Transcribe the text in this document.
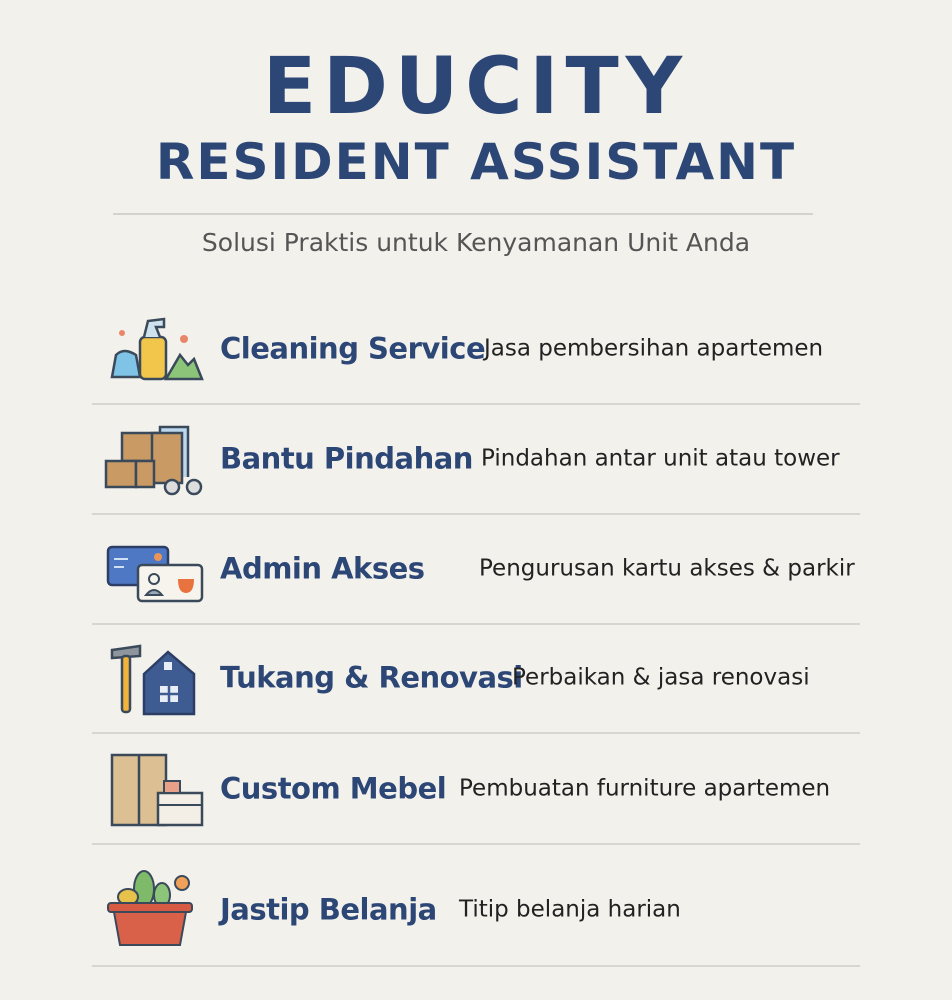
EDUCITY
RESIDENT ASSISTANT
Solusi Praktis untuk Kenyamanan Unit Anda
Cleaning Service
Jasa pembersihan apartemen
Bantu Pindahan Pindahan antar unit atau tower
Admin Akses Pengurusan kartu akses & parkir
Tukang & Renovasi
Perbaikan & jasa renovasi
Custom Mebel Pembuatan furniture apartemen
Jastip Belanja Titip belanja harian
